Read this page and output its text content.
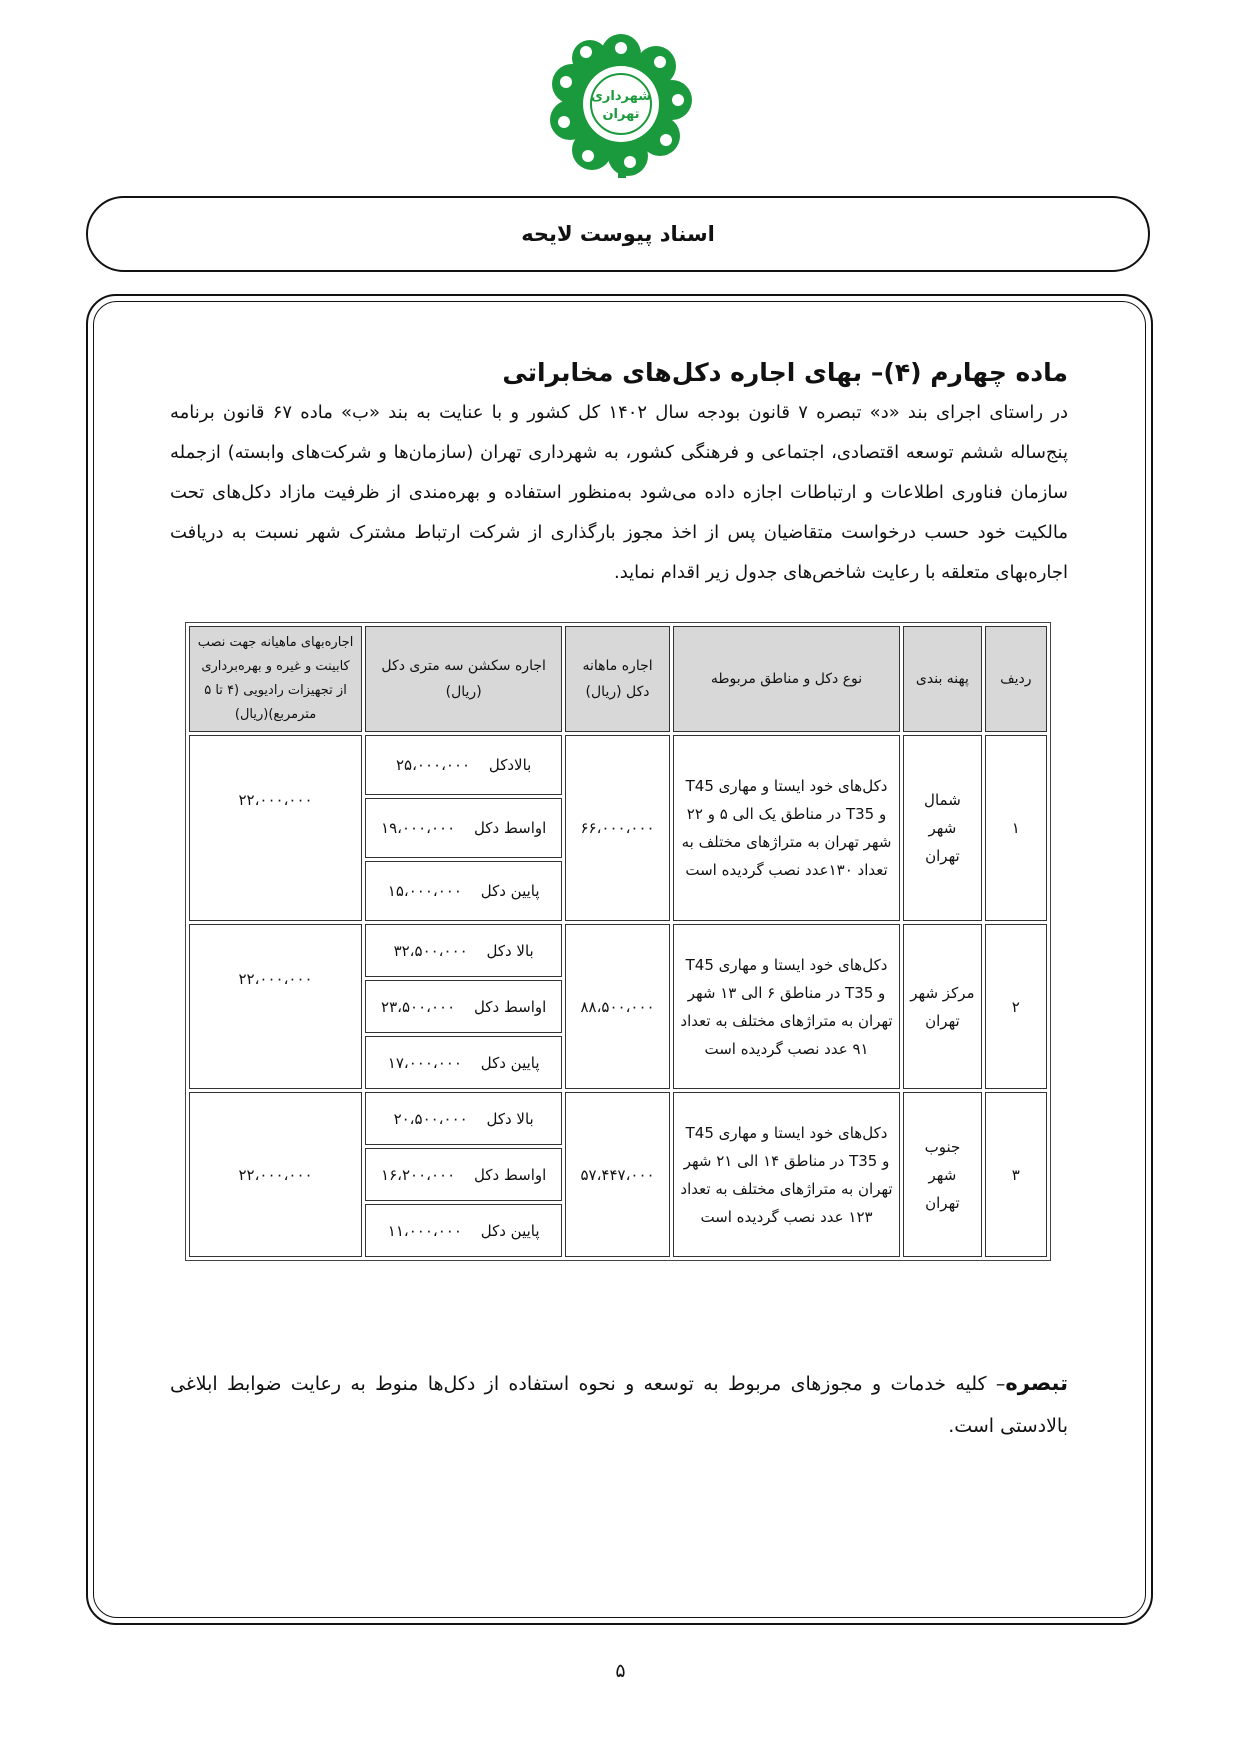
شهرداری
تهران
اسناد پیوست لایحه
ماده چهارم (۴)– بهای اجاره دکل‌های مخابراتی

در راستای اجرای بند «د» تبصره ۷ قانون بودجه سال ۱۴۰۲ کل کشور و با عنایت به بند «ب» ماده ۶۷ قانون برنامه پنج‌ساله ششم توسعه اقتصادی، اجتماعی و فرهنگی کشور، به شهرداری تهران (سازمان‌ها و شرکت‌های وابسته) ازجمله سازمان فناوری اطلاعات و ارتباطات اجازه داده می‌شود به‌منظور استفاده و بهره‌مندی از ظرفیت مازاد دکل‌های تحت مالکیت خود حسب درخواست متقاضیان پس از اخذ مجوز بارگذاری از شرکت ارتباط مشترک شهر نسبت به دریافت اجاره‌بهای متعلقه با رعایت شاخص‌های جدول زیر اقدام نماید.

ردیف	پهنه بندی	نوع دکل و مناطق مربوطه	اجاره ماهانه دکل (ریال)	اجاره سکشن سه متری دکل (ریال)	اجاره‌بهای ماهیانه جهت نصب کابینت و غیره و بهره‌برداری از تجهیزات رادیویی (۴ تا ۵ مترمربع)(ریال)
۱	شمال شهر تهران	دکل‌های خود ایستا و مهاری T45 و T35 در مناطق یک الی ۵ و ۲۲ شهر تهران به متراژهای مختلف به تعداد ۱۳۰عدد نصب گردیده است	۶۶،۰۰۰،۰۰۰	بالادکل ۲۵،۰۰۰،۰۰۰	۲۲،۰۰۰،۰۰۰
				اواسط دکل ۱۹،۰۰۰،۰۰۰	
				پایین دکل ۱۵،۰۰۰،۰۰۰	
۲	مرکز شهر تهران	دکل‌های خود ایستا و مهاری T45 و T35 در مناطق ۶ الی ۱۳ شهر تهران به متراژهای مختلف به تعداد ۹۱ عدد نصب گردیده است	۸۸،۵۰۰،۰۰۰	بالا دکل ۳۲،۵۰۰،۰۰۰	۲۲،۰۰۰،۰۰۰
				اواسط دکل ۲۳،۵۰۰،۰۰۰	
				پایین دکل ۱۷،۰۰۰،۰۰۰	
۳	جنوب شهر تهران	دکل‌های خود ایستا و مهاری T45 و T35 در مناطق ۱۴ الی ۲۱ شهر تهران به متراژهای مختلف به تعداد ۱۲۳ عدد نصب گردیده است	۵۷،۴۴۷،۰۰۰	بالا دکل ۲۰،۵۰۰،۰۰۰	۲۲،۰۰۰،۰۰۰
				اواسط دکل ۱۶،۲۰۰،۰۰۰	
				پایین دکل ۱۱،۰۰۰،۰۰۰	
تبصره– کلیه خدمات و مجوزهای مربوط به توسعه و نحوه استفاده از دکل‌ها منوط به رعایت ضوابط ابلاغی بالادستی است.
۵
